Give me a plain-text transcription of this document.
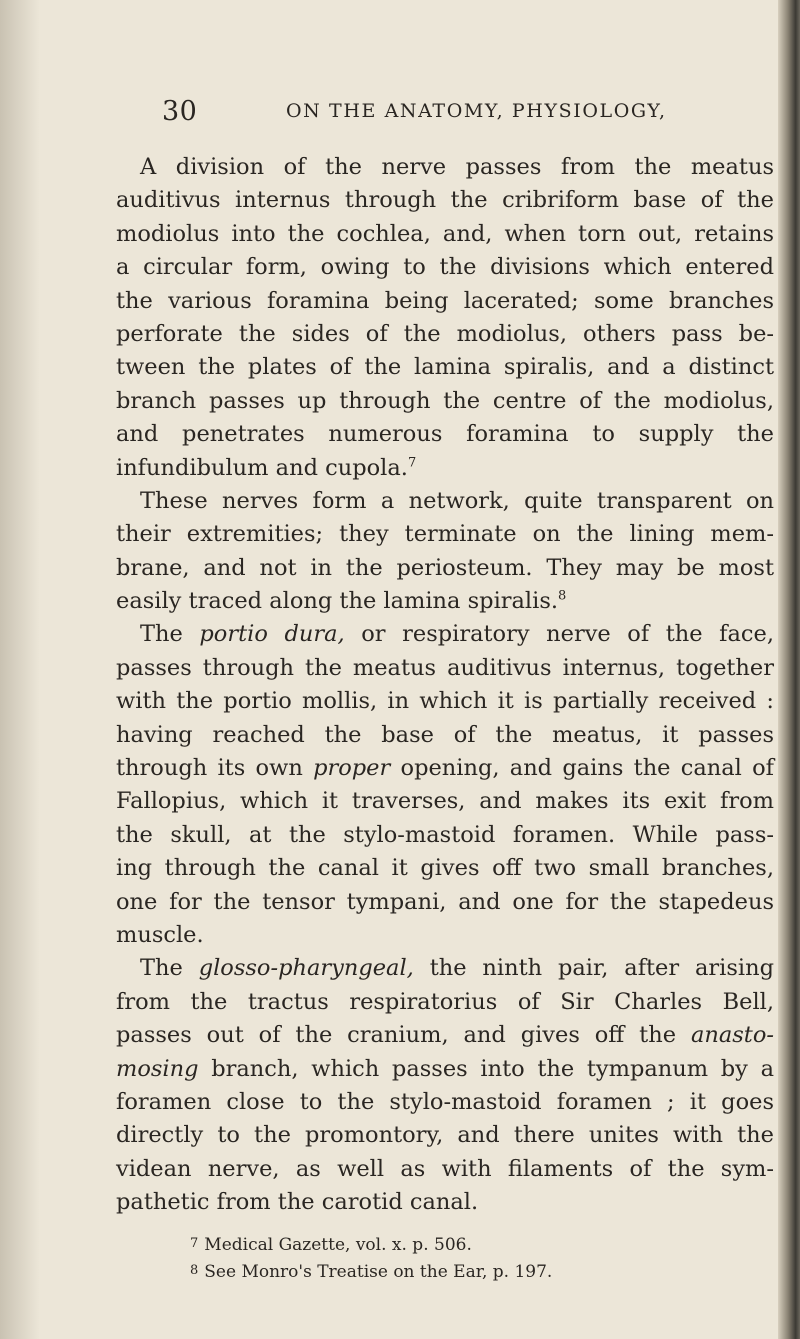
30	ON THE ANATOMY, PHYSIOLOGY,
A division of the nerve passes from the meatus
auditivus internus through the cribriform base of the
modiolus into the cochlea, and, when torn out, retains
a circular form, owing to the divisions which entered
the various foramina being lacerated; some branches
perforate the sides of the modiolus, others pass be-
tween the plates of the lamina spiralis, and a distinct
branch passes up through the centre of the modiolus,
and penetrates numerous foramina to supply the
infundibulum and cupola.$^7$
These nerves form a network, quite transparent on
their extremities; they terminate on the lining mem-
brane, and not in the periosteum. They may be most
easily traced along the lamina spiralis.$^8$
The portio dura, or respiratory nerve of the face,
passes through the meatus auditivus internus, together
with the portio mollis, in which it is partially received :
having reached the base of the meatus, it passes
through its own proper opening, and gains the canal of
Fallopius, which it traverses, and makes its exit from
the skull, at the stylo-mastoid foramen. While pass-
ing through the canal it gives off two small branches,
one for the tensor tympani, and one for the stapedeus
muscle.
The glosso-pharyngeal, the ninth pair, after arising
from the tractus respiratorius of Sir Charles Bell,
passes out of the cranium, and gives off the anasto-
mosing branch, which passes into the tympanum by a
foramen close to the stylo-mastoid foramen ; it goes
directly to the promontory, and there unites with the
videan nerve, as well as with filaments of the sym-
pathetic from the carotid canal.
7 Medical Gazette, vol. x. p. 506.
8 See Monro's Treatise on the Ear, p. 197.
